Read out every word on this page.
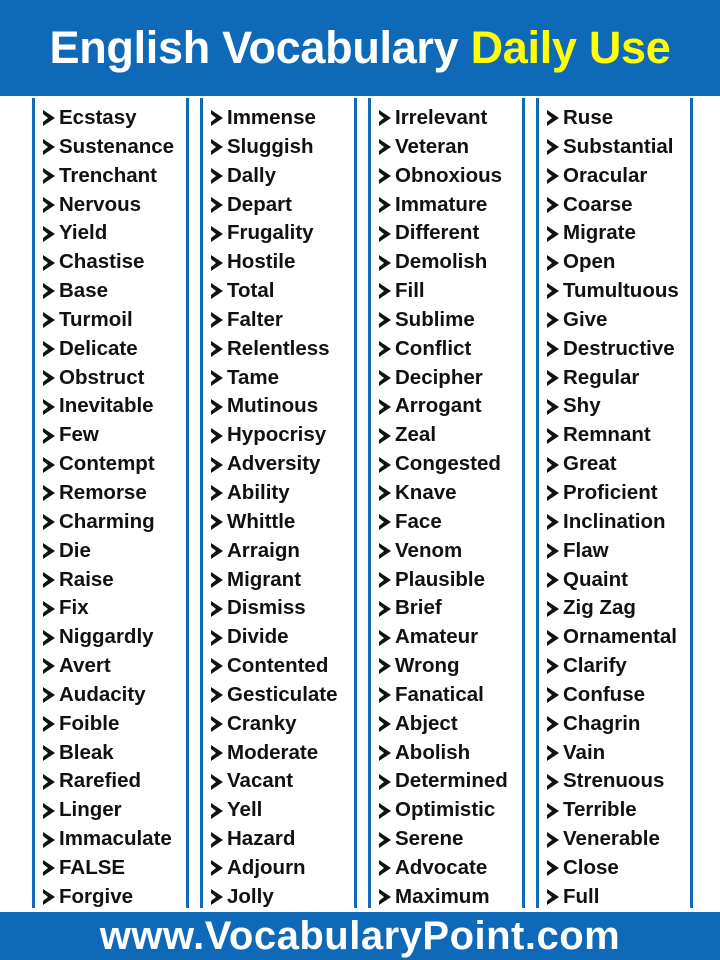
English Vocabulary Daily Use
Ecstasy
Sustenance
Trenchant
Nervous
Yield
Chastise
Base
Turmoil
Delicate
Obstruct
Inevitable
Few
Contempt
Remorse
Charming
Die
Raise
Fix
Niggardly
Avert
Audacity
Foible
Bleak
Rarefied
Linger
Immaculate
FALSE
Forgive
Immense
Sluggish
Dally
Depart
Frugality
Hostile
Total
Falter
Relentless
Tame
Mutinous
Hypocrisy
Adversity
Ability
Whittle
Arraign
Migrant
Dismiss
Divide
Contented
Gesticulate
Cranky
Moderate
Vacant
Yell
Hazard
Adjourn
Jolly
Irrelevant
Veteran
Obnoxious
Immature
Different
Demolish
Fill
Sublime
Conflict
Decipher
Arrogant
Zeal
Congested
Knave
Face
Venom
Plausible
Brief
Amateur
Wrong
Fanatical
Abject
Abolish
Determined
Optimistic
Serene
Advocate
Maximum
Ruse
Substantial
Oracular
Coarse
Migrate
Open
Tumultuous
Give
Destructive
Regular
Shy
Remnant
Great
Proficient
Inclination
Flaw
Quaint
Zig Zag
Ornamental
Clarify
Confuse
Chagrin
Vain
Strenuous
Terrible
Venerable
Close
Full
www.VocabularyPoint.com
